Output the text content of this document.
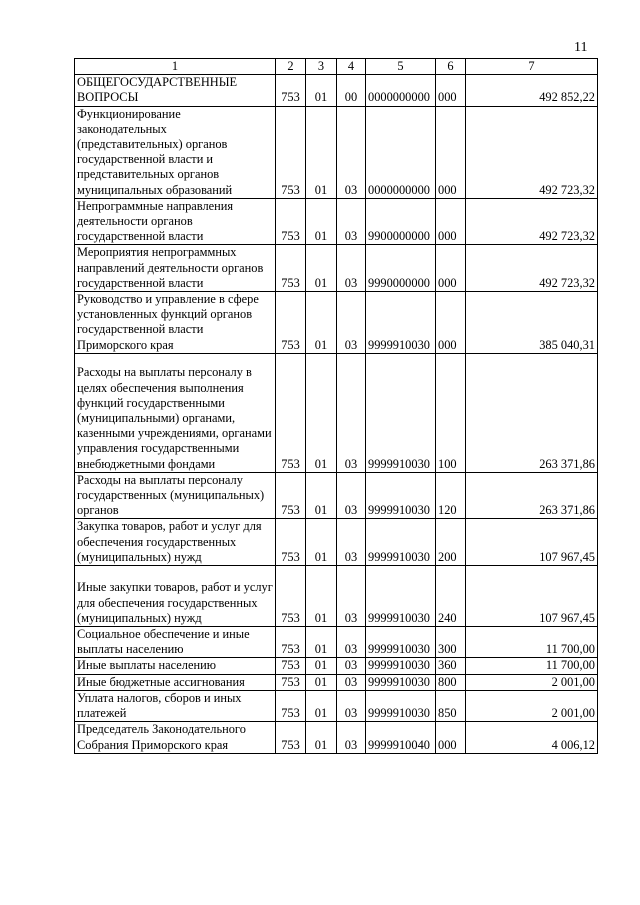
11
1	2	3	4	5	6	7
ОБЩЕГОСУДАРСТВЕННЫЕ ВОПРОСЫ	753	01	00	0000000000	000	492 852,22
Функционирование законодательных (представительных) органов государственной власти и представительных органов муниципальных образований	753	01	03	0000000000	000	492 723,32
Непрограммные направления деятельности органов государственной власти	753	01	03	9900000000	000	492 723,32
Мероприятия непрограммных направлений деятельности органов государственной власти	753	01	03	9990000000	000	492 723,32
Руководство и управление в сфере установленных функций органов государственной власти Приморского края	753	01	03	9999910030	000	385 040,31
Расходы на выплаты персоналу в целях обеспечения выполнения функций государственными (муниципальными) органами, казенными учреждениями, органами управления государственными внебюджетными фондами	753	01	03	9999910030	100	263 371,86
Расходы на выплаты персоналу государственных (муниципальных) органов	753	01	03	9999910030	120	263 371,86
Закупка товаров, работ и услуг для обеспечения государственных (муниципальных) нужд	753	01	03	9999910030	200	107 967,45
Иные закупки товаров, работ и услуг для обеспечения государственных (муниципальных) нужд	753	01	03	9999910030	240	107 967,45
Социальное обеспечение и иные выплаты населению	753	01	03	9999910030	300	11 700,00
Иные выплаты населению	753	01	03	9999910030	360	11 700,00
Иные бюджетные ассигнования	753	01	03	9999910030	800	2 001,00
Уплата налогов, сборов и иных платежей	753	01	03	9999910030	850	2 001,00
Председатель Законодательного Собрания Приморского края	753	01	03	9999910040	000	4 006,12
